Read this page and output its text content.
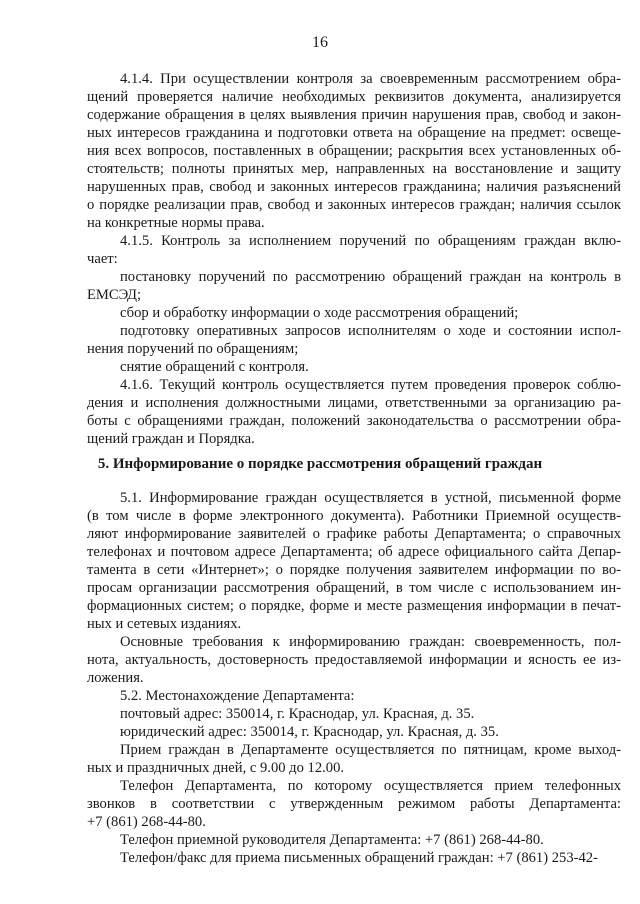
16
4.1.4. При осуществлении контроля за своевременным рассмотрением обра-
щений проверяется наличие необходимых реквизитов документа, анализируется
содержание обращения в целях выявления причин нарушения прав, свобод и закон-
ных интересов гражданина и подготовки ответа на обращение на предмет: освеще-
ния всех вопросов, поставленных в обращении; раскрытия всех установленных об-
стоятельств; полноты принятых мер, направленных на восстановление и защиту
нарушенных прав, свобод и законных интересов гражданина; наличия разъяснений
о порядке реализации прав, свобод и законных интересов граждан; наличия ссылок
на конкретные нормы права.
4.1.5. Контроль за исполнением поручений по обращениям граждан вклю-
чает:
постановку поручений по рассмотрению обращений граждан на контроль в
ЕМСЭД;
сбор и обработку информации о ходе рассмотрения обращений;
подготовку оперативных запросов исполнителям о ходе и состоянии испол-
нения поручений по обращениям;
снятие обращений с контроля.
4.1.6. Текущий контроль осуществляется путем проведения проверок соблю-
дения и исполнения должностными лицами, ответственными за организацию ра-
боты с обращениями граждан, положений законодательства о рассмотрении обра-
щений граждан и Порядка.
5. Информирование о порядке рассмотрения обращений граждан
5.1. Информирование граждан осуществляется в устной, письменной форме
(в том числе в форме электронного документа). Работники Приемной осуществ-
ляют информирование заявителей о графике работы Департамента; о справочных
телефонах и почтовом адресе Департамента; об адресе официального сайта Депар-
тамента в сети «Интернет»; о порядке получения заявителем информации по во-
просам организации рассмотрения обращений, в том числе с использованием ин-
формационных систем; о порядке, форме и месте размещения информации в печат-
ных и сетевых изданиях.
Основные требования к информированию граждан: своевременность, пол-
нота, актуальность, достоверность предоставляемой информации и ясность ее из-
ложения.
5.2. Местонахождение Департамента:
почтовый адрес: 350014, г. Краснодар, ул. Красная, д. 35.
юридический адрес: 350014, г. Краснодар, ул. Красная, д. 35.
Прием граждан в Департаменте осуществляется по пятницам, кроме выход-
ных и праздничных дней, с 9.00 до 12.00.
Телефон Департамента, по которому осуществляется прием телефонных
звонков в соответствии с утвержденным режимом работы Департамента:
+7 (861) 268-44-80.
Телефон приемной руководителя Департамента: +7 (861) 268-44-80.
Телефон/факс для приема письменных обращений граждан: +7 (861) 253-42-
